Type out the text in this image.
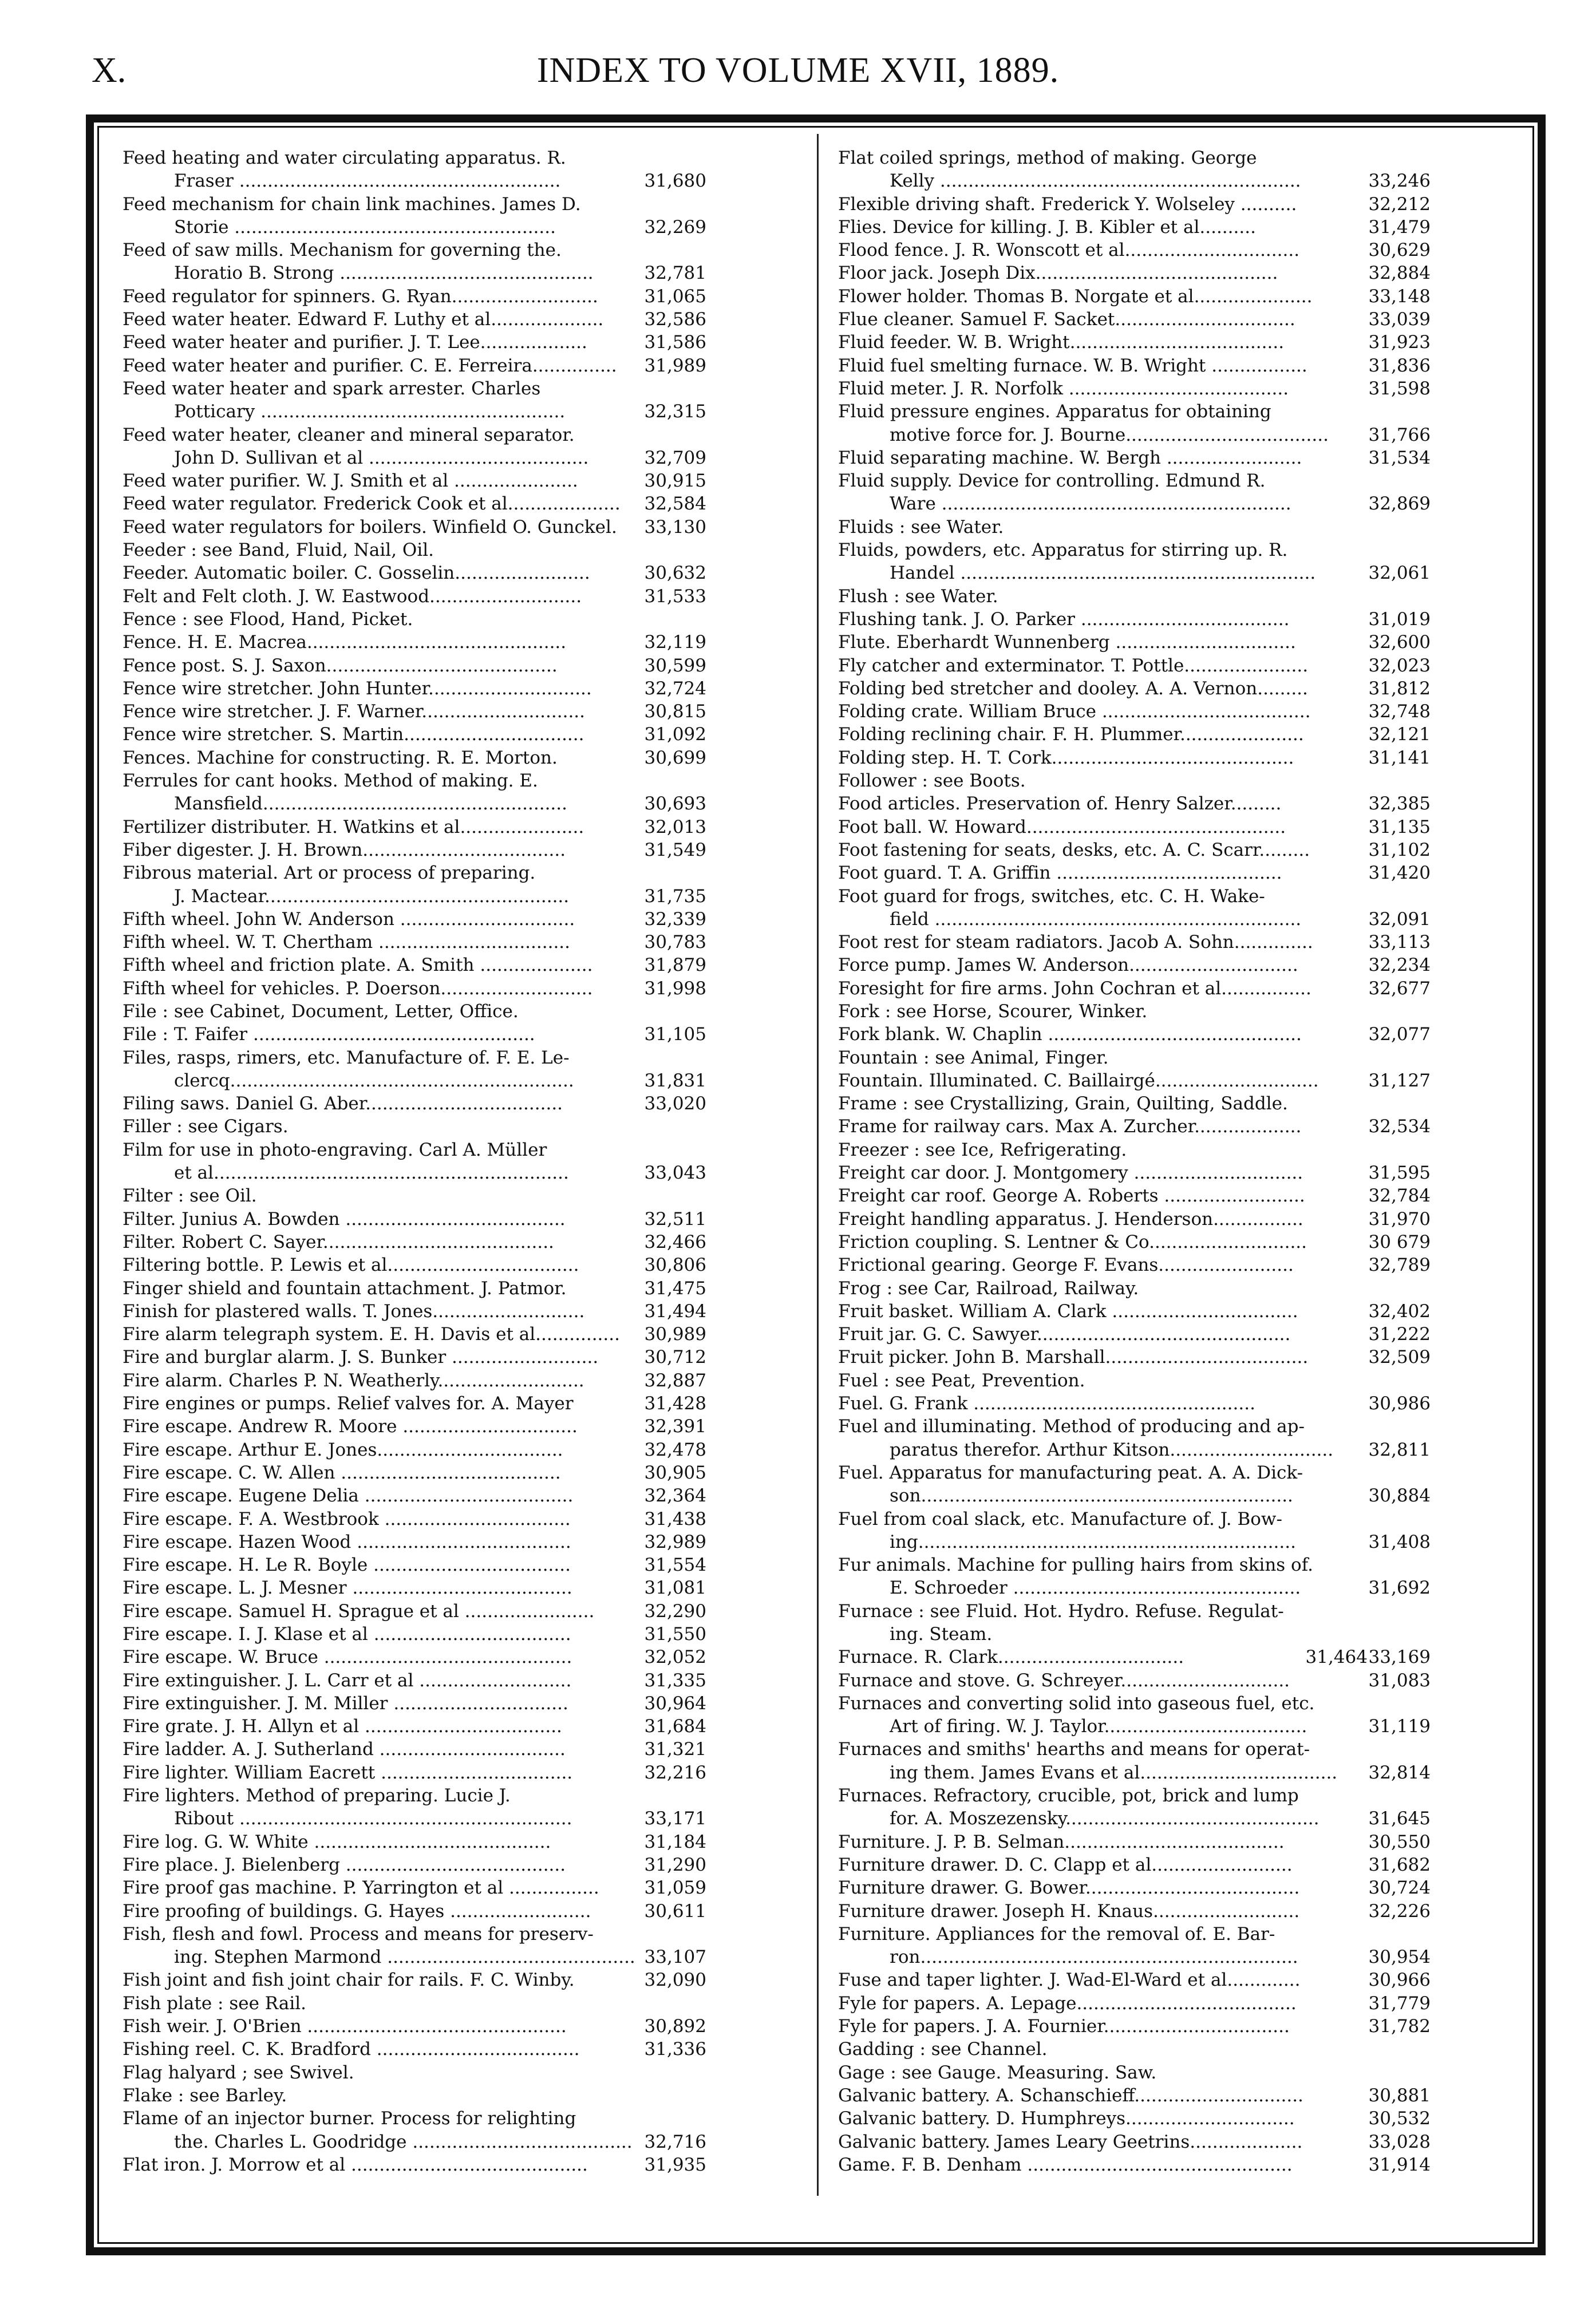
X.	INDEX TO VOLUME XVII, 1889.
Feed heating and water circulating apparatus. R.
Fraser .........................................................	31,680
Feed mechanism for chain link machines. James D.
Storie .........................................................	32,269
Feed of saw mills. Mechanism for governing the.
Horatio B. Strong .............................................	32,781
Feed regulator for spinners. G. Ryan..........................	31,065
Feed water heater. Edward F. Luthy et al.................... 32,586
Feed water heater and purifier. J. T. Lee...................	31,586
Feed water heater and purifier. C. E. Ferreira............... 31,989
Feed water heater and spark arrester. Charles
Potticary ......................................................	32,315
Feed water heater, cleaner and mineral separator.
John D. Sullivan et al .......................................	32,709
Feed water purifier. W. J. Smith et al ......................	30,915
Feed water regulator. Frederick Cook et al.................... 32,584
Feed water regulators for boilers. Winfield O. Gunckel. 33,130
Feeder : see Band, Fluid, Nail, Oil.
Feeder. Automatic boiler. C. Gosselin........................	30,632
Felt and Felt cloth. J. W. Eastwood...........................	31,533
Fence : see Flood, Hand, Picket.
Fence. H. E. Macrea..............................................	32,119
Fence post. S. J. Saxon.........................................	30,599
Fence wire stretcher. John Hunter.............................	32,724
Fence wire stretcher. J. F. Warner.............................	30,815
Fence wire stretcher. S. Martin................................	31,092
Fences. Machine for constructing. R. E. Morton.	30,699
Ferrules for cant hooks. Method of making. E.
Mansfield......................................................	30,693
Fertilizer distributer. H. Watkins et al......................	32,013
Fiber digester. J. H. Brown....................................	31,549
Fibrous material. Art or process of preparing.
J. Mactear......................................................	31,735
Fifth wheel. John W. Anderson ...............................	32,339
Fifth wheel. W. T. Chertham ..................................	30,783
Fifth wheel and friction plate. A. Smith ....................	31,879
Fifth wheel for vehicles. P. Doerson...........................	31,998
File : see Cabinet, Document, Letter, Office.
File : T. Faifer ..................................................	31,105
Files, rasps, rimers, etc. Manufacture of. F. E. Le-
clercq.............................................................	31,831
Filing saws. Daniel G. Aber...................................	33,020
Filler : see Cigars.
Film for use in photo-engraving. Carl A. Müller
et al...............................................................	33,043
Filter : see Oil.
Filter. Junius A. Bowden .......................................	32,511
Filter. Robert C. Sayer.........................................	32,466
Filtering bottle. P. Lewis et al..................................	30,806
Finger shield and fountain attachment. J. Patmor.	31,475
Finish for plastered walls. T. Jones...........................	31,494
Fire alarm telegraph system. E. H. Davis et al............... 30,989
Fire and burglar alarm. J. S. Bunker ..........................	30,712
Fire alarm. Charles P. N. Weatherly..........................	32,887
Fire engines or pumps. Relief valves for. A. Mayer	31,428
Fire escape. Andrew R. Moore ...............................	32,391
Fire escape. Arthur E. Jones.................................	32,478
Fire escape. C. W. Allen .......................................	30,905
Fire escape. Eugene Delia .....................................	32,364
Fire escape. F. A. Westbrook .................................	31,438
Fire escape. Hazen Wood ......................................	32,989
Fire escape. H. Le R. Boyle ...................................	31,554
Fire escape. L. J. Mesner .......................................	31,081
Fire escape. Samuel H. Sprague et al .......................	32,290
Fire escape. I. J. Klase et al ...................................	31,550
Fire escape. W. Bruce ............................................	32,052
Fire extinguisher. J. L. Carr et al ...........................	31,335
Fire extinguisher. J. M. Miller ...............................	30,964
Fire grate. J. H. Allyn et al ...................................	31,684
Fire ladder. A. J. Sutherland .................................	31,321
Fire lighter. William Eacrett ..................................	32,216
Fire lighters. Method of preparing. Lucie J.
Ribout ...........................................................	33,171
Fire log. G. W. White ..........................................	31,184
Fire place. J. Bielenberg .......................................	31,290
Fire proof gas machine. P. Yarrington et al ................	31,059
Fire proofing of buildings. G. Hayes .........................	30,611
Fish, flesh and fowl. Process and means for preserv-
ing. Stephen Marmond ............................................ 33,107
Fish joint and fish joint chair for rails. F. C. Winby.	32,090
Fish plate : see Rail.
Fish weir. J. O'Brien ..............................................	30,892
Fishing reel. C. K. Bradford ....................................	31,336
Flag halyard ; see Swivel.
Flake : see Barley.
Flame of an injector burner. Process for relighting
the. Charles L. Goodridge ....................................... 32,716
Flat iron. J. Morrow et al ..........................................	31,935
Flat coiled springs, method of making. George
Kelly ................................................................	33,246
Flexible driving shaft. Frederick Y. Wolseley ..........	32,212
Flies. Device for killing. J. B. Kibler et al..........	31,479
Flood fence. J. R. Wonscott et al...............................	30,629
Floor jack. Joseph Dix...........................................	32,884
Flower holder. Thomas B. Norgate et al.....................	33,148
Flue cleaner. Samuel F. Sacket................................	33,039
Fluid feeder. W. B. Wright......................................	31,923
Fluid fuel smelting furnace. W. B. Wright .................	31,836
Fluid meter. J. R. Norfolk .......................................	31,598
Fluid pressure engines. Apparatus for obtaining
motive force for. J. Bourne.................................... 31,766
Fluid separating machine. W. Bergh ........................	31,534
Fluid supply. Device for controlling. Edmund R.
Ware ..............................................................	32,869
Fluids : see Water.
Fluids, powders, etc. Apparatus for stirring up. R.
Handel ...............................................................	32,061
Flush : see Water.
Flushing tank. J. O. Parker .....................................	31,019
Flute. Eberhardt Wunnenberg ................................	32,600
Fly catcher and exterminator. T. Pottle......................	32,023
Folding bed stretcher and dooley. A. A. Vernon.........	31,812
Folding crate. William Bruce .....................................	32,748
Folding reclining chair. F. H. Plummer......................	32,121
Folding step. H. T. Cork...........................................	31,141
Follower : see Boots.
Food articles. Preservation of. Henry Salzer.........	32,385
Foot ball. W. Howard..............................................	31,135
Foot fastening for seats, desks, etc. A. C. Scarr.........	31,102
Foot guard. T. A. Griffin ........................................	31,420
Foot guard for frogs, switches, etc. C. H. Wake-
field .................................................................	32,091
Foot rest for steam radiators. Jacob A. Sohn..............	33,113
Force pump. James W. Anderson..............................	32,234
Foresight for fire arms. John Cochran et al................	32,677
Fork : see Horse, Scourer, Winker.
Fork blank. W. Chaplin .............................................	32,077
Fountain : see Animal, Finger.
Fountain. Illuminated. C. Baillairgé.............................	31,127
Frame : see Crystallizing, Grain, Quilting, Saddle.
Frame for railway cars. Max A. Zurcher...................	32,534
Freezer : see Ice, Refrigerating.
Freight car door. J. Montgomery ..............................	31,595
Freight car roof. George A. Roberts .........................	32,784
Freight handling apparatus. J. Henderson................	31,970
Friction coupling. S. Lentner & Co............................	30 679
Frictional gearing. George F. Evans........................	32,789
Frog : see Car, Railroad, Railway.
Fruit basket. William A. Clark .................................	32,402
Fruit jar. G. C. Sawyer.............................................	31,222
Fruit picker. John B. Marshall....................................	32,509
Fuel : see Peat, Prevention.
Fuel. G. Frank ..................................................	30,986
Fuel and illuminating. Method of producing and ap-
paratus therefor. Arthur Kitson............................. 32,811
Fuel. Apparatus for manufacturing peat. A. A. Dick-
son..................................................................	30,884
Fuel from coal slack, etc. Manufacture of. J. Bow-
ing...................................................................	31,408
Fur animals. Machine for pulling hairs from skins of.
E. Schroeder ...................................................	31,692
Furnace : see Fluid. Hot. Hydro. Refuse. Regulat-
ing. Steam.
Furnace. R. Clark.................................	31,464 33,169
Furnace and stove. G. Schreyer..............................	31,083
Furnaces and converting solid into gaseous fuel, etc.
Art of firing. W. J. Taylor....................................	31,119
Furnaces and smiths' hearths and means for operat-
ing them. James Evans et al................................... 32,814
Furnaces. Refractory, crucible, pot, brick and lump
for. A. Moszezensky.............................................	31,645
Furniture. J. P. B. Selman.......................................	30,550
Furniture drawer. D. C. Clapp et al.........................	31,682
Furniture drawer. G. Bower......................................	30,724
Furniture drawer. Joseph H. Knaus..........................	32,226
Furniture. Appliances for the removal of. E. Bar-
ron...................................................................	30,954
Fuse and taper lighter. J. Wad-El-Ward et al.............	30,966
Fyle for papers. A. Lepage.......................................	31,779
Fyle for papers. J. A. Fournier.................................	31,782
Gadding : see Channel.
Gage : see Gauge. Measuring. Saw.
Galvanic battery. A. Schanschieff..............................	30,881
Galvanic battery. D. Humphreys..............................	30,532
Galvanic battery. James Leary Geetrins....................	33,028
Game. F. B. Denham ...............................................	31,914
